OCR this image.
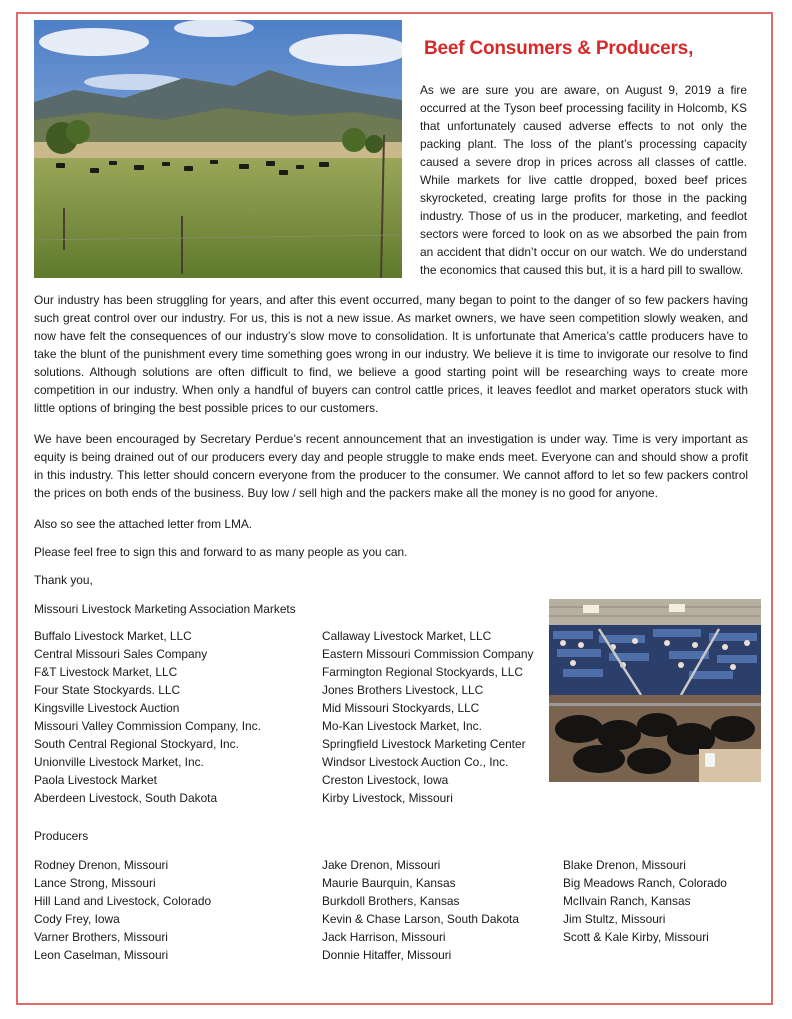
Beef Consumers & Producers,

As we are sure you are aware, on August 9, 2019 a fire occurred at the Tyson beef processing facility in Holcomb, KS that unfortunately caused adverse effects to not only the packing plant. The loss of the plant’s processing capacity caused a severe drop in prices across all classes of cattle. While markets for live cattle dropped, boxed beef prices skyrocketed, creating large profits for those in the packing industry. Those of us in the producer, marketing, and feedlot sectors were forced to look on as we absorbed the pain from an accident that didn’t occur on our watch. We do understand the economics that caused this but, it is a hard pill to swallow.

Our industry has been struggling for years, and after this event occurred, many began to point to the danger of so few packers having such great control over our industry. For us, this is not a new issue. As market owners, we have seen competition slowly weaken, and now have felt the consequences of our industry’s slow move to consolidation. It is unfortunate that America’s cattle producers have to take the blunt of the punishment every time something goes wrong in our industry. We believe it is time to invigorate our resolve to find solutions. Although solutions are often difficult to find, we believe a good starting point will be researching ways to create more competition in our industry. When only a handful of buyers can control cattle prices, it leaves feedlot and market operators stuck with little options of bringing the best possible prices to our customers.

We have been encouraged by Secretary Perdue’s recent announcement that an investigation is under way. Time is very important as equity is being drained out of our producers every day and people struggle to make ends meet. Everyone can and should show a profit in this industry. This letter should concern everyone from the producer to the consumer. We cannot afford to let so few packers control the prices on both ends of the business. Buy low / sell high and the packers make all the money is no good for anyone.

Also so see the attached letter from LMA.

Please feel free to sign this and forward to as many people as you can.

Thank you,

Missouri Livestock Marketing Association Markets

Buffalo Livestock Market, LLC
Central Missouri Sales Company
F&T Livestock Market, LLC
Four State Stockyards. LLC
Kingsville Livestock Auction
Missouri Valley Commission Company, Inc.
South Central Regional Stockyard, Inc.
Unionville Livestock Market, Inc.
Paola Livestock Market
Aberdeen Livestock, South Dakota
Callaway Livestock Market, LLC
Eastern Missouri Commission Company
Farmington Regional Stockyards, LLC
Jones Brothers Livestock, LLC
Mid Missouri Stockyards, LLC
Mo-Kan Livestock Market, Inc.
Springfield Livestock Marketing Center
Windsor Livestock Auction Co., Inc.
Creston Livestock, Iowa
Kirby Livestock, Missouri

Producers

Rodney Drenon, Missouri
Lance Strong, Missouri
Hill Land and Livestock, Colorado
Cody Frey, Iowa
Varner Brothers, Missouri
Leon Caselman, Missouri
Jake Drenon, Missouri
Maurie Baurquin, Kansas
Burkdoll Brothers, Kansas
Kevin & Chase Larson, South Dakota
Jack Harrison, Missouri
Donnie Hitaffer, Missouri
Blake Drenon, Missouri
Big Meadows Ranch, Colorado
McIlvain Ranch, Kansas
Jim Stultz, Missouri
Scott & Kale Kirby, Missouri
